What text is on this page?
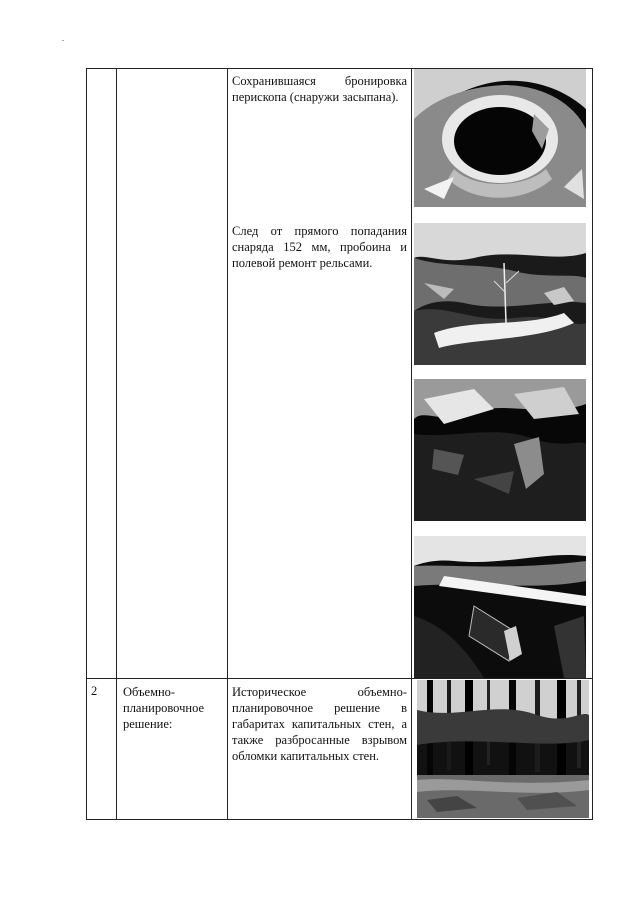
Сохранившаяся бронировка перископа (снаружи засыпана).
След от прямого попадания снаряда 152 мм, пробоина и полевой ремонт рельсами.
2 Объемно-планировочное решение:
Историческое объемно-планировочное решение в габаритах капитальных стен, а также разбросанные взрывом обломки капитальных стен.
